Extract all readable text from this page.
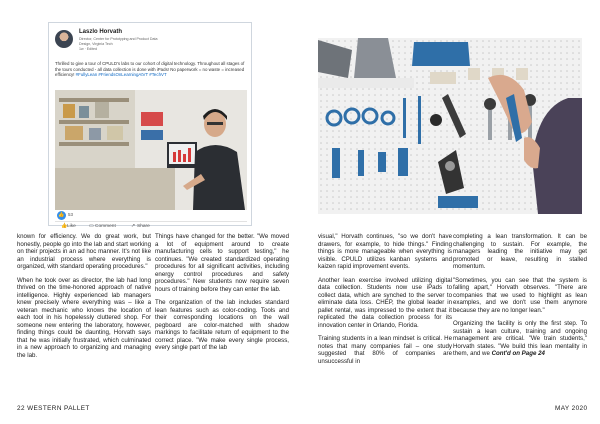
Laszlo Horvath
Director, Center for Prototyping and Product Data
Design, Virginia Tech
1w · Edited
Thrilled to give a tour of CPULD's labs to our cohort of digital technology. Throughout all stages of the tours conducted - all data collection is done with iPads! No paperwork = no waste = increased efficiency! #FullyLean #FriendsOnLearningAtVT #TechVT
👍 53
👍Like	▭Comment	↗ Share

known for efficiency. We do great work, but honestly, people go into the lab and start working on their projects in an ad hoc manner. It's not like an industrial process where everything is organized, with standard operating procedures."

When he took over as director, the lab had long thrived on the time-honored approach of native intelligence. Highly experienced lab managers knew precisely where everything was – like a veteran mechanic who knows the location of each tool in his hopelessly cluttered shop. For someone new entering the laboratory, however, finding things could be daunting, Horvath says that he was initially frustrated, which culminated in a new approach to organizing and managing the lab.

Things have changed for the better. "We moved a lot of equipment around to create manufacturing cells to support testing," he continues. "We created standardized operating procedures for all significant activities, including energy control procedures and safety procedures." New students now require seven hours of training before they can enter the lab.

The organization of the lab includes standard lean features such as color-coding. Tools and their corresponding locations on the wall pegboard are color-matched with shadow markings to facilitate return of equipment to the correct place. "We make every single process, every single part of the lab

visual," Horvath continues, "so we don't have drawers, for example, to hide things." Finding things is more manageable when everything is visible. CPULD utilizes kanban systems and kaizen rapid improvement events.

Another lean exercise involved utilizing digital data collection. Students now use iPads to collect data, which are synched to the server to eliminate data loss. CHEP, the global leader in pallet rental, was impressed to the extent that it replicated the data collection process for its innovation center in Orlando, Florida.

Training students in a lean mindset is critical. He notes that many companies fail – one study suggested that 80% of companies are unsuccessful in

completing a lean transformation. It can be challenging to sustain. For example, the managers leading the initiative may get promoted or leave, resulting in stalled momentum.

"Sometimes, you can see that the system is falling apart," Horvath observes. "There are companies that we used to highlight as lean examples, and we don't use them anymore because they are no longer lean."

Organizing the facility is only the first step. To sustain a lean culture, training and ongoing management are critical. "We train students," Horvath states. "We build this lean mentality in them, and we Cont'd on Page 24

22 WESTERN PALLET	MAY 2020
